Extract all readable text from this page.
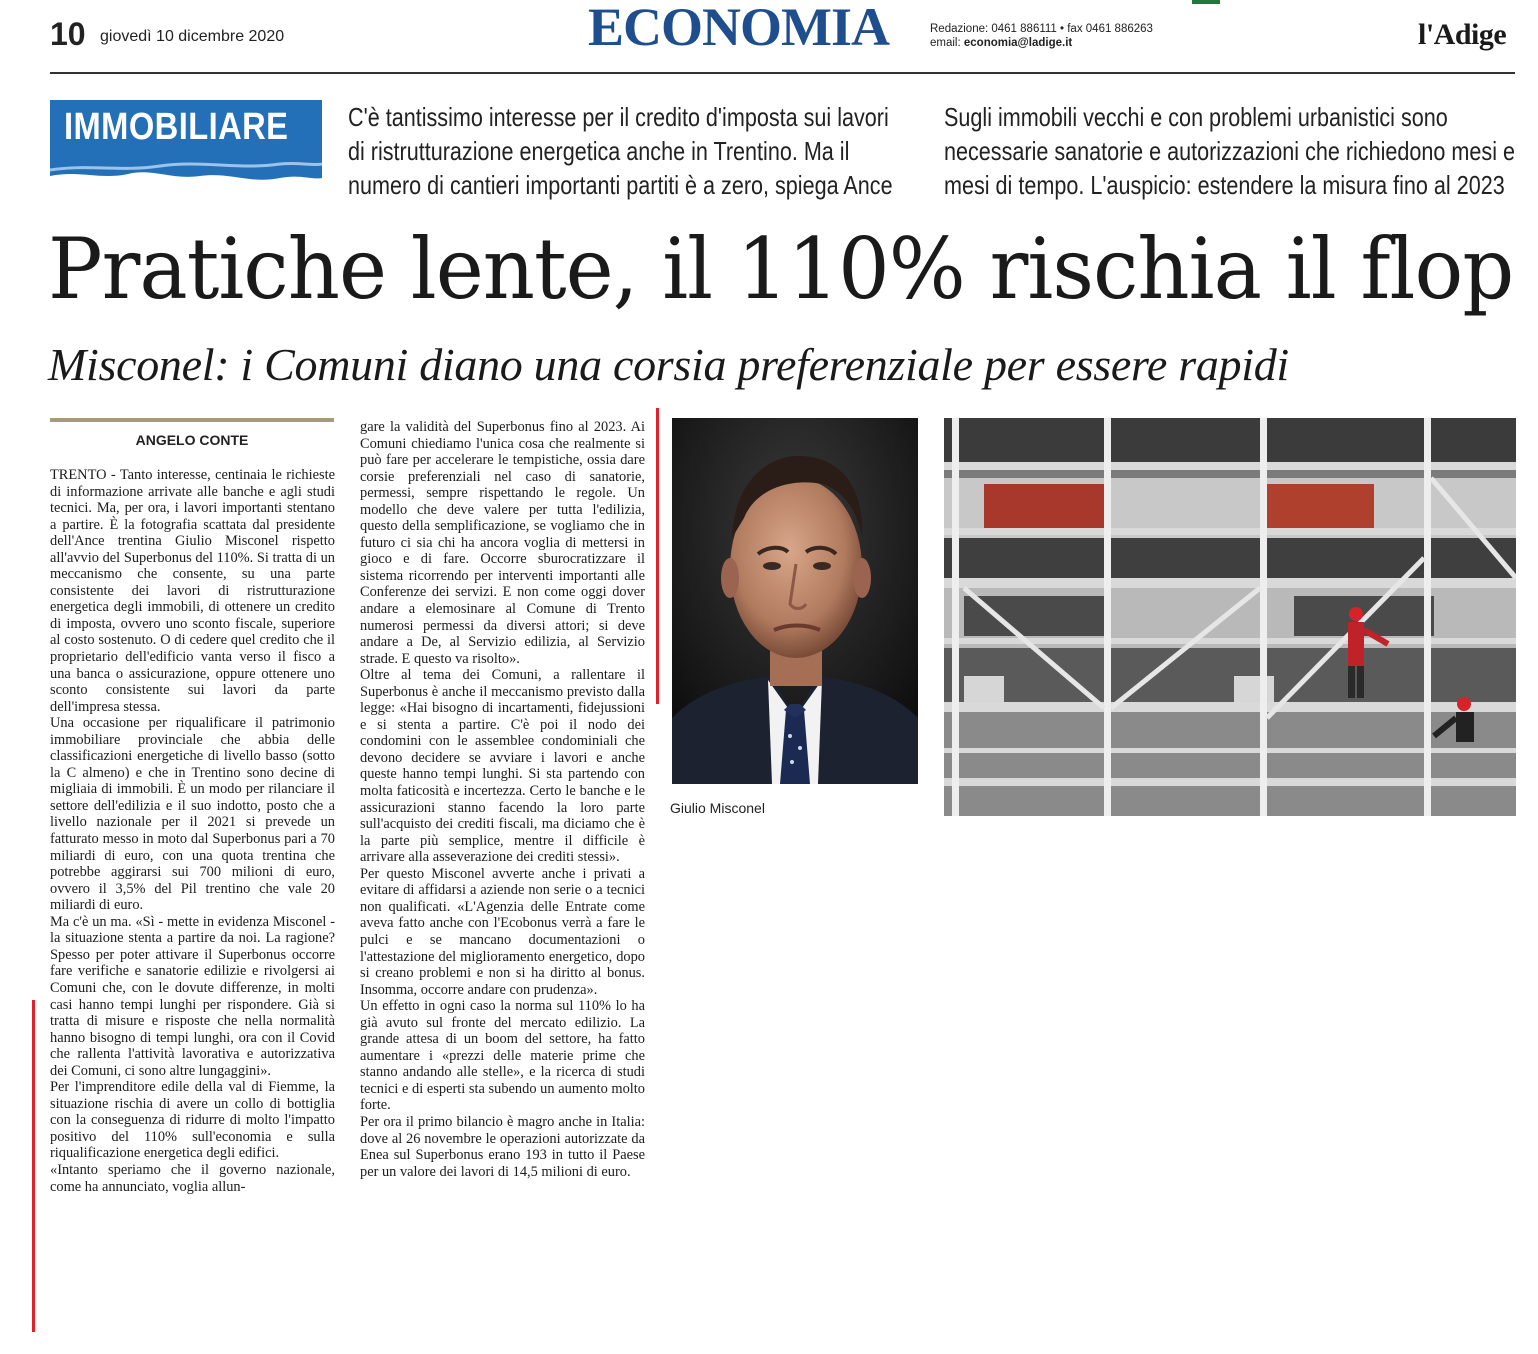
10 giovedì 10 dicembre 2020	ECONOMIA	Redazione: 0461 886111 • fax 0461 886263
email: economia@ladige.it	l'Adige
IMMOBILIARE C'è tantissimo interesse per il credito d'imposta sui lavori
di ristrutturazione energetica anche in Trentino. Ma il
numero di cantieri importanti partiti è a zero, spiega Ance
Sugli immobili vecchi e con problemi urbanistici sono
necessarie sanatorie e autorizzazioni che richiedono mesi e
mesi di tempo. L'auspicio: estendere la misura fino al 2023
Pratiche lente, il 110% rischia il flop
Misconel: i Comuni diano una corsia preferenziale per essere rapidi
ANGELO CONTE

TRENTO - Tanto interesse, centinaia le richieste di informazione arrivate alle banche e agli studi tecnici. Ma, per ora, i lavori importanti stentano a partire. È la fotografia scattata dal presidente dell'Ance trentina Giulio Misconel rispetto all'avvio del Superbonus del 110%. Si tratta di un meccanismo che consente, su una parte consistente dei lavori di ristrutturazione energetica degli immobili, di ottenere un credito di imposta, ovvero uno sconto fiscale, superiore al costo sostenuto. O di cedere quel credito che il proprietario dell'edificio vanta verso il fisco a una banca o assicurazione, oppure ottenere uno sconto consistente sui lavori da parte dell'impresa stessa.

Una occasione per riqualificare il patrimonio immobiliare provinciale che abbia delle classificazioni energetiche di livello basso (sotto la C almeno) e che in Trentino sono decine di migliaia di immobili. È un modo per rilanciare il settore dell'edilizia e il suo indotto, posto che a livello nazionale per il 2021 si prevede un fatturato messo in moto dal Superbonus pari a 70 miliardi di euro, con una quota trentina che potrebbe aggirarsi sui 700 milioni di euro, ovvero il 3,5% del Pil trentino che vale 20 miliardi di euro.

Ma c'è un ma. «Sì - mette in evidenza Misconel - la situazione stenta a partire da noi. La ragione? Spesso per poter attivare il Superbonus occorre fare verifiche e sanatorie edilizie e rivolgersi ai Comuni che, con le dovute differenze, in molti casi hanno tempi lunghi per rispondere. Già si tratta di misure e risposte che nella normalità hanno bisogno di tempi lunghi, ora con il Covid che rallenta l'attività lavorativa e autorizzativa dei Comuni, ci sono altre lungaggini».

Per l'imprenditore edile della val di Fiemme, la situazione rischia di avere un collo di bottiglia con la conseguenza di ridurre di molto l'impatto positivo del 110% sull'economia e sulla riqualificazione energetica degli edifici.

«Intanto speriamo che il governo nazionale, come ha annunciato, voglia allun-

gare la validità del Superbonus fino al 2023. Ai Comuni chiediamo l'unica cosa che realmente si può fare per accelerare le tempistiche, ossia dare corsie preferenziali nel caso di sanatorie, permessi, sempre rispettando le regole. Un modello che deve valere per tutta l'edilizia, questo della semplificazione, se vogliamo che in futuro ci sia chi ha ancora voglia di mettersi in gioco e di fare. Occorre sburocratizzare il sistema ricorrendo per interventi importanti alle Conferenze dei servizi. E non come oggi dover andare a elemosinare al Comune di Trento numerosi permessi da diversi attori; si deve andare a De, al Servizio edilizia, al Servizio strade. E questo va risolto».

Oltre al tema dei Comuni, a rallentare il Superbonus è anche il meccanismo previsto dalla legge: «Hai bisogno di incartamenti, fidejussioni e si stenta a partire. C'è poi il nodo dei condomini con le assemblee condominiali che devono decidere se avviare i lavori e anche queste hanno tempi lunghi. Si sta partendo con molta faticosità e incertezza. Certo le banche e le assicurazioni stanno facendo la loro parte sull'acquisto dei crediti fiscali, ma diciamo che è la parte più semplice, mentre il difficile è arrivare alla asseverazione dei crediti stessi».

Per questo Misconel avverte anche i privati a evitare di affidarsi a aziende non serie o a tecnici non qualificati. «L'Agenzia delle Entrate come aveva fatto anche con l'Ecobonus verrà a fare le pulci e se mancano documentazioni o l'attestazione del miglioramento energetico, dopo si creano problemi e non si ha diritto al bonus. Insomma, occorre andare con prudenza».

Un effetto in ogni caso la norma sul 110% lo ha già avuto sul fronte del mercato edilizio. La grande attesa di un boom del settore, ha fatto aumentare i «prezzi delle materie prime che stanno andando alle stelle», e la ricerca di studi tecnici e di esperti sta subendo un aumento molto forte.

Per ora il primo bilancio è magro anche in Italia: dove al 26 novembre le operazioni autorizzate da Enea sul Superbonus erano 193 in tutto il Paese per un valore dei lavori di 14,5 milioni di euro.

Giulio Misconel
